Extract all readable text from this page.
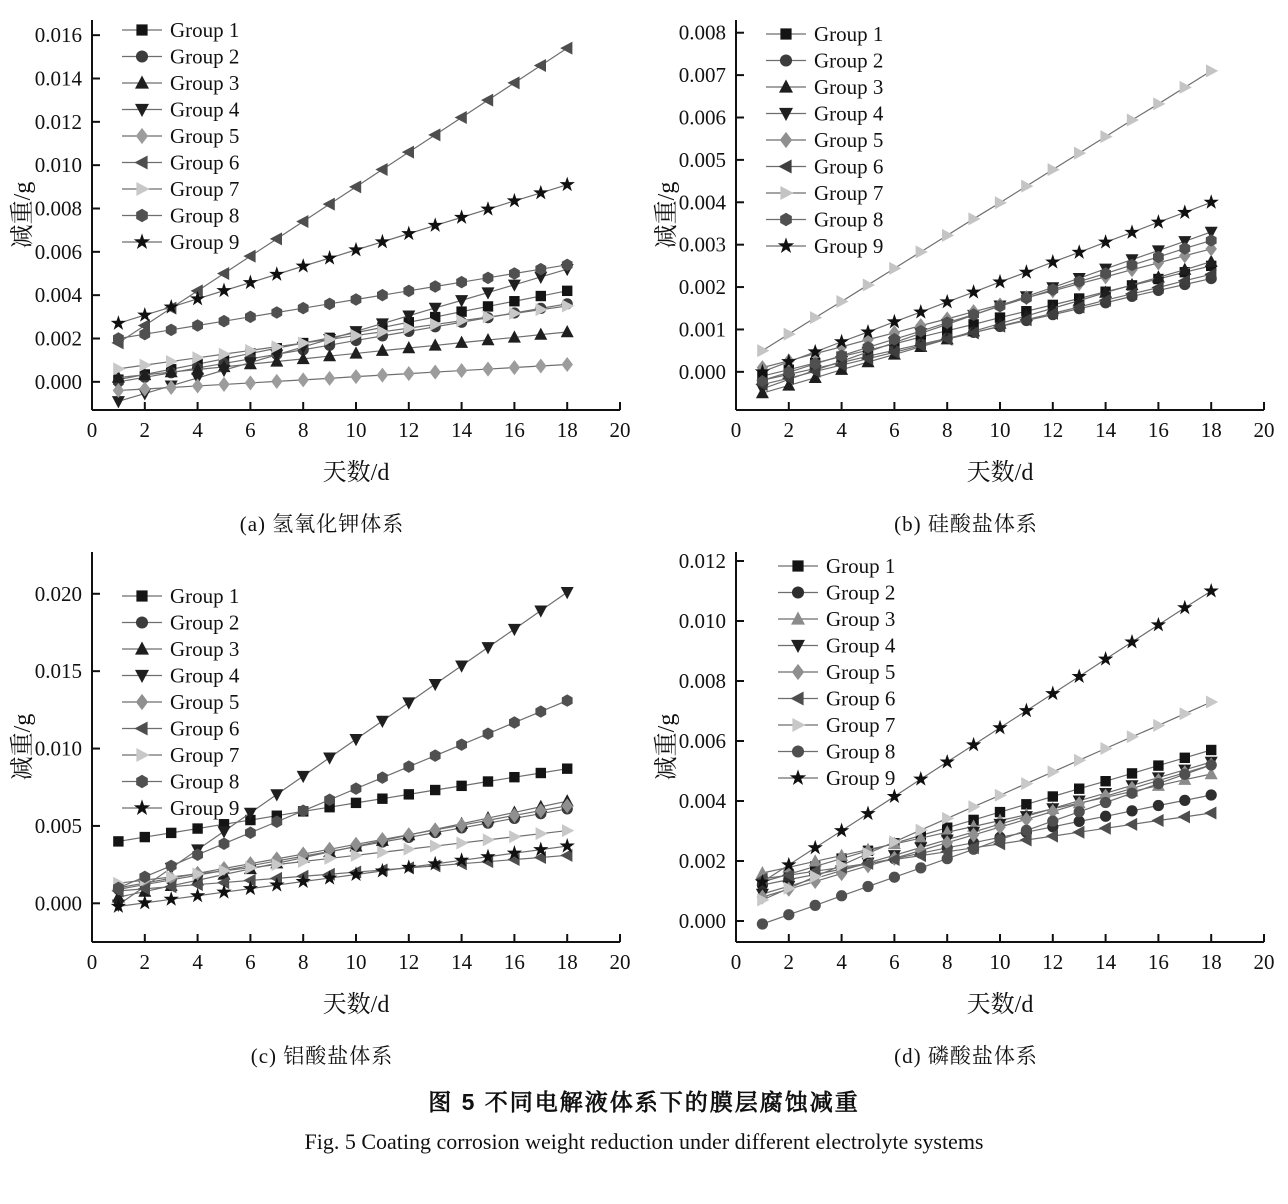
0 2 4 6 8 10 12 14 16 18 20
0.000
0.002
0.004
0.006
0.008
0.010
0.012
0.014
0.016
天数/d
减重/g
Group 1
Group 2
Group 3
Group 4
Group 5
Group 6
Group 7
Group 8
Group 9
(a) 氢氧化钾体系
0 2 4 6 8 10 12 14 16 18 20
0.000
0.001
0.002
0.003
0.004
0.005
0.006
0.007
0.008
天数/d
减重/g
Group 1
Group 2
Group 3
Group 4
Group 5
Group 6
Group 7
Group 8
Group 9
(b) 硅酸盐体系
0 2 4 6 8 10 12 14 16 18 20
0.000
0.005
0.010
0.015
0.020
天数/d
减重/g
Group 1
Group 2
Group 3
Group 4
Group 5
Group 6
Group 7
Group 8
Group 9
(c) 铝酸盐体系
0 2 4 6 8 10 12 14 16 18 20
0.000
0.002
0.004
0.006
0.008
0.010
0.012
天数/d
减重/g
Group 1
Group 2
Group 3
Group 4
Group 5
Group 6
Group 7
Group 8
Group 9
(d) 磷酸盐体系
图 5 不同电解液体系下的膜层腐蚀减重
Fig. 5 Coating corrosion weight reduction under different electrolyte systems
